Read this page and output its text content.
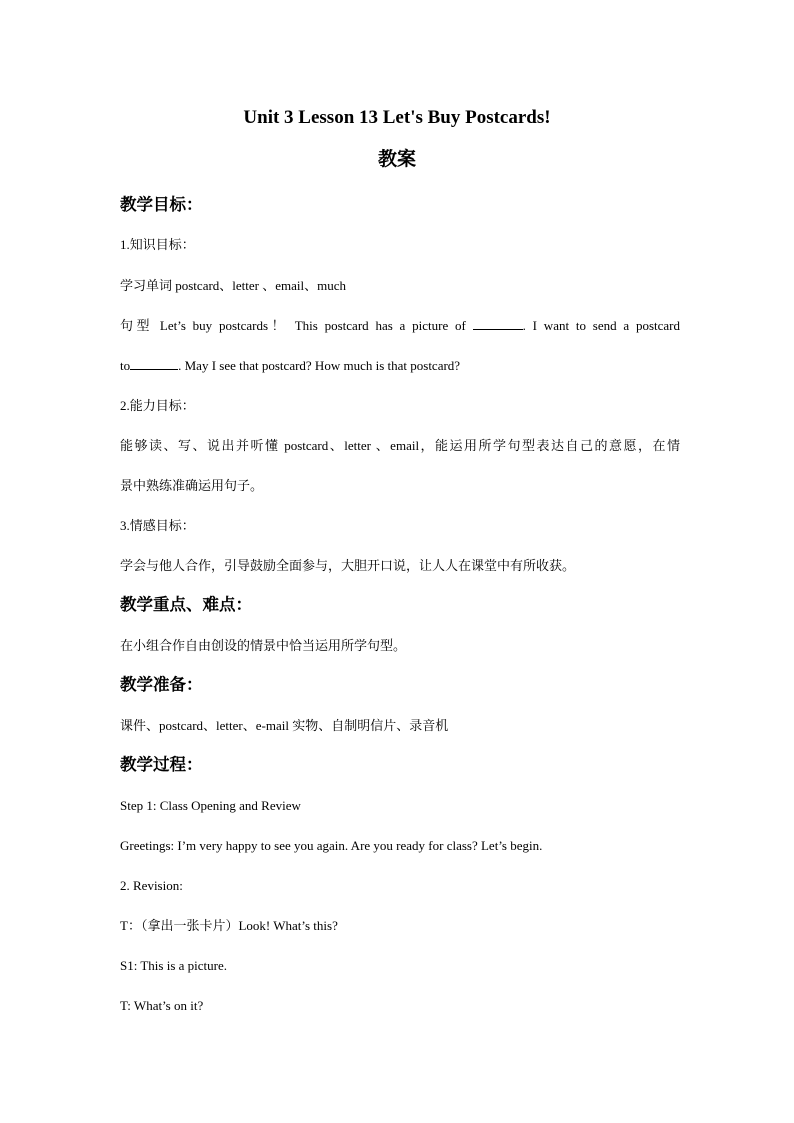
Unit 3 Lesson 13 Let's Buy Postcards!
教案
教学目标：
1.知识目标：
学习单词 postcard、letter 、email、much
句型 Let’s buy postcards！ This postcard has a picture of	. I want to send a postcard
to	. May I see that postcard? How much is that postcard?
2.能力目标：
能够读、写、说出并听懂 postcard、letter 、email，能运用所学句型表达自己的意愿，在情
景中熟练准确运用句子。
3.情感目标：
学会与他人合作，引导鼓励全面参与，大胆开口说，让人人在课堂中有所收获。
教学重点、难点：
在小组合作自由创设的情景中恰当运用所学句型。
教学准备：
课件、postcard、letter、e-mail 实物、自制明信片、录音机
教学过程：
Step 1: Class Opening and Review
Greetings: I’m very happy to see you again. Are you ready for class? Let’s begin.
2. Revision:
T：（拿出一张卡片）Look! What’s this?
S1: This is a picture.
T: What’s on it?
